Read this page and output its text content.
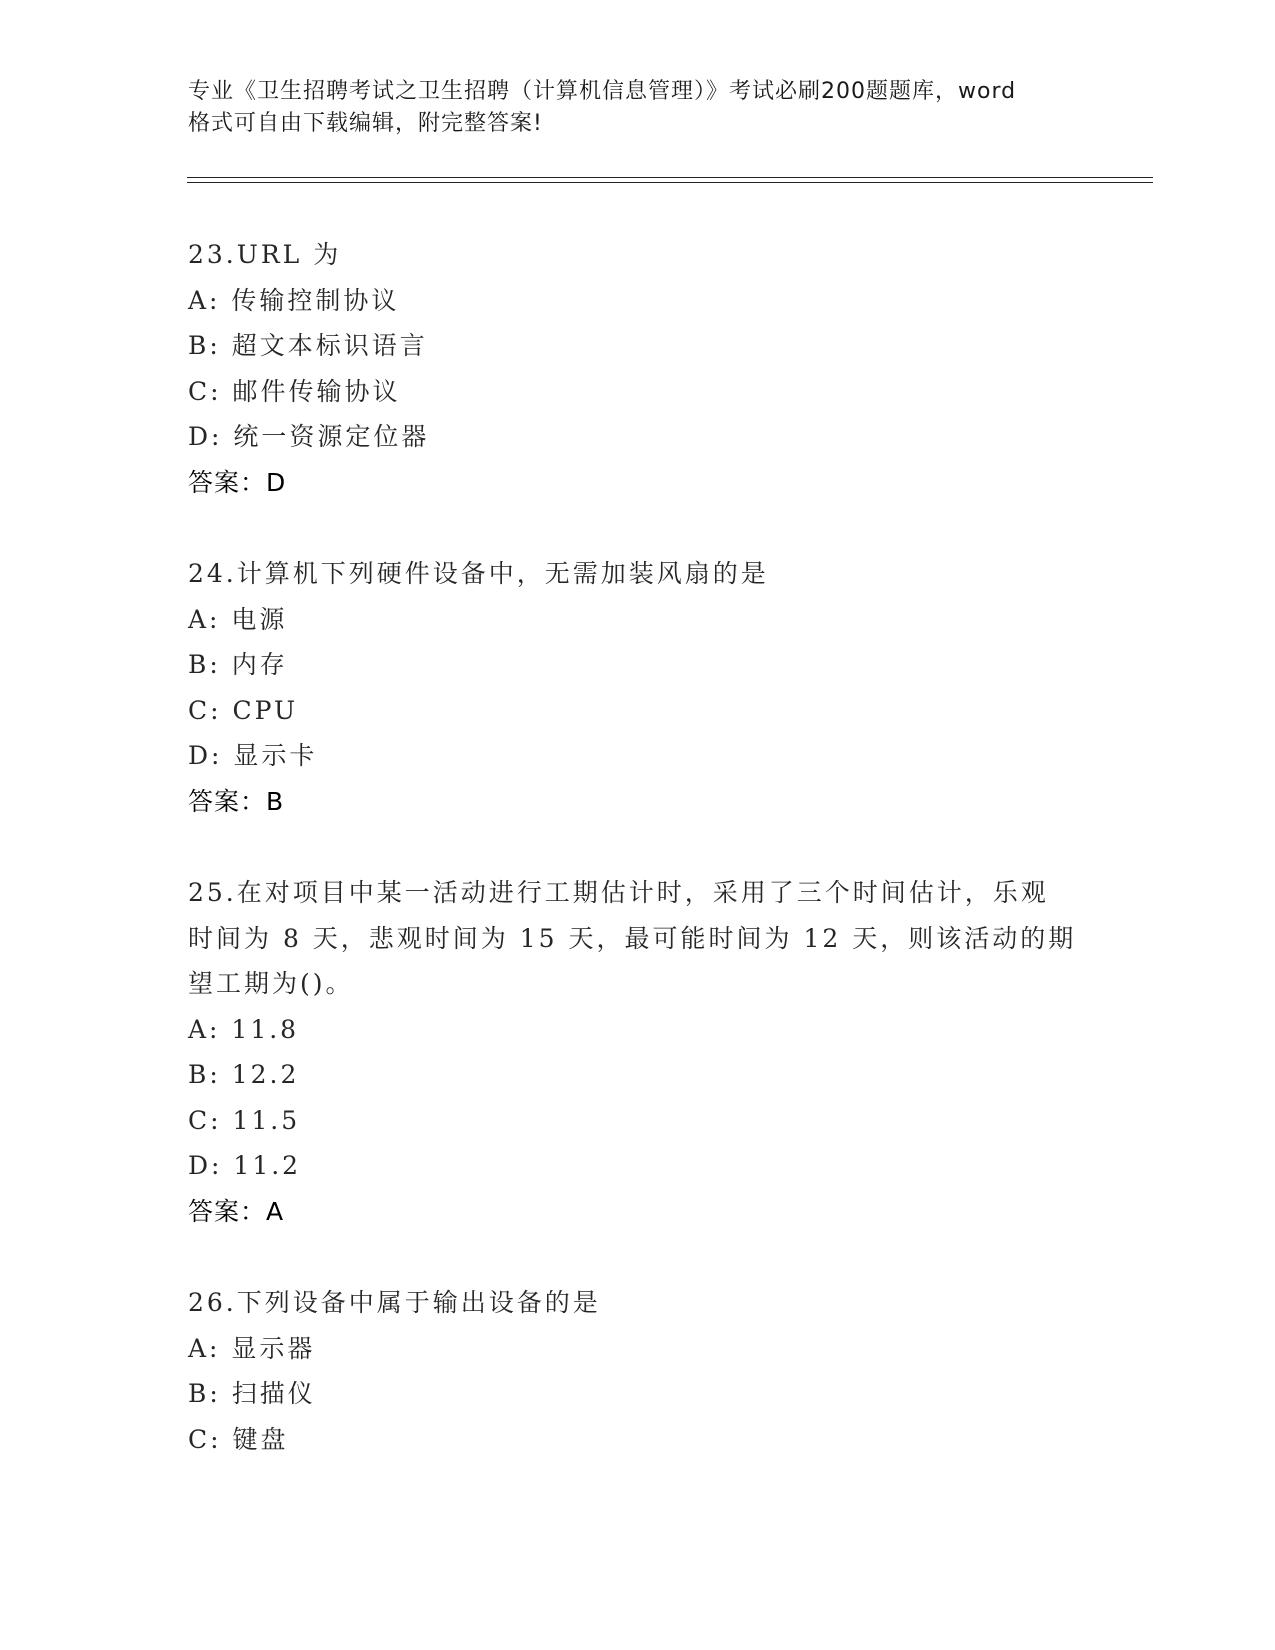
专业《卫生招聘考试之卫生招聘（计算机信息管理）》考试必刷200题题库，word
格式可自由下载编辑，附完整答案!
23.URL 为
A: 传输控制协议
B: 超文本标识语言
C: 邮件传输协议
D: 统一资源定位器
答案：D
24.计算机下列硬件设备中，无需加装风扇的是
A: 电源
B: 内存
C: CPU
D: 显示卡
答案：B
25.在对项目中某一活动进行工期估计时，采用了三个时间估计，乐观
时间为 8 天，悲观时间为 15 天，最可能时间为 12 天，则该活动的期
望工期为()。
A: 11.8
B: 12.2
C: 11.5
D: 11.2
答案：A
26.下列设备中属于输出设备的是
A: 显示器
B: 扫描仪
C: 键盘
